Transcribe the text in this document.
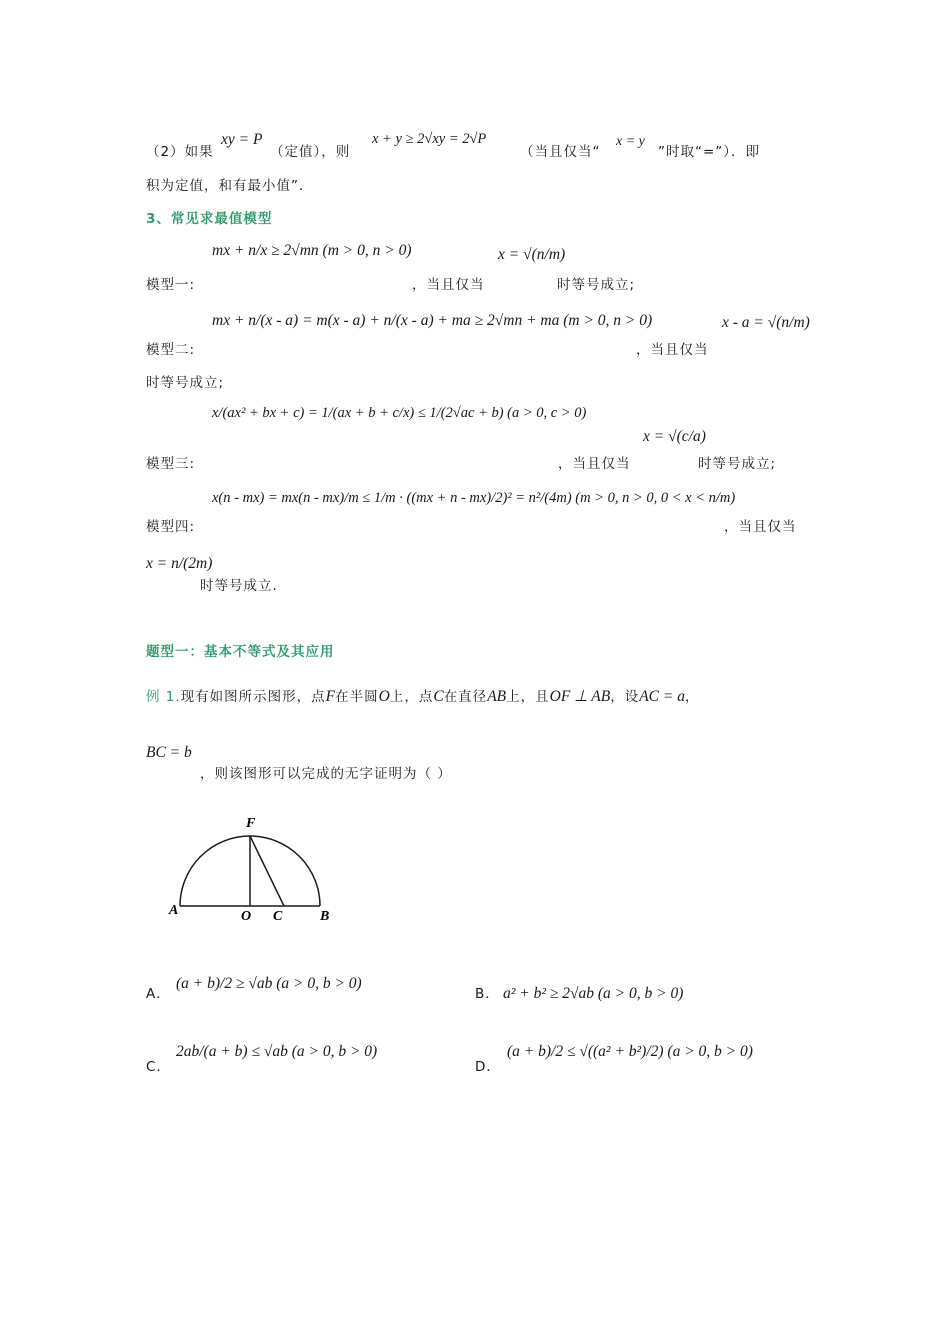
（2）如果
xy = P
（定值），则
x + y ≥ 2√xy = 2√P
（当且仅当“
x = y
”时取“=”）．即
积为定值，和有最小值”．
3、常见求最值模型
mx + n/x ≥ 2√mn (m > 0, n > 0)
模型一:	，当且仅当
x = √(n/m)
时等号成立;
mx + n/(x - a) = m(x - a) + n/(x - a) + ma ≥ 2√mn + ma (m > 0, n > 0)
模型二:	，当且仅当
x - a = √(n/m)
时等号成立;
x/(ax² + bx + c) = 1/(ax + b + c/x) ≤ 1/(2√ac + b) (a > 0, c > 0)
模型三:	，当且仅当
x = √(c/a)
时等号成立;
x(n - mx) = mx(n - mx)/m ≤ 1/m · ((mx + n - mx)/2)² = n²/(4m) (m > 0, n > 0, 0 < x < n/m)
模型四:	，当且仅当
x = n/(2m)
时等号成立.
题型一：基本不等式及其应用
例 1.现有如图所示图形，点F在半圆O上，点C在直径AB上，且OF ⊥ AB，设AC = a，
BC = b
，则该图形可以完成的无字证明为（ ）
F
A	O C	B
A．
(a + b)/2 ≥ √ab (a > 0, b > 0)
B． a² + b² ≥ 2√ab (a > 0, b > 0)
C．
2ab/(a + b) ≤ √ab (a > 0, b > 0)
D．
(a + b)/2 ≤ √((a² + b²)/2) (a > 0, b > 0)
